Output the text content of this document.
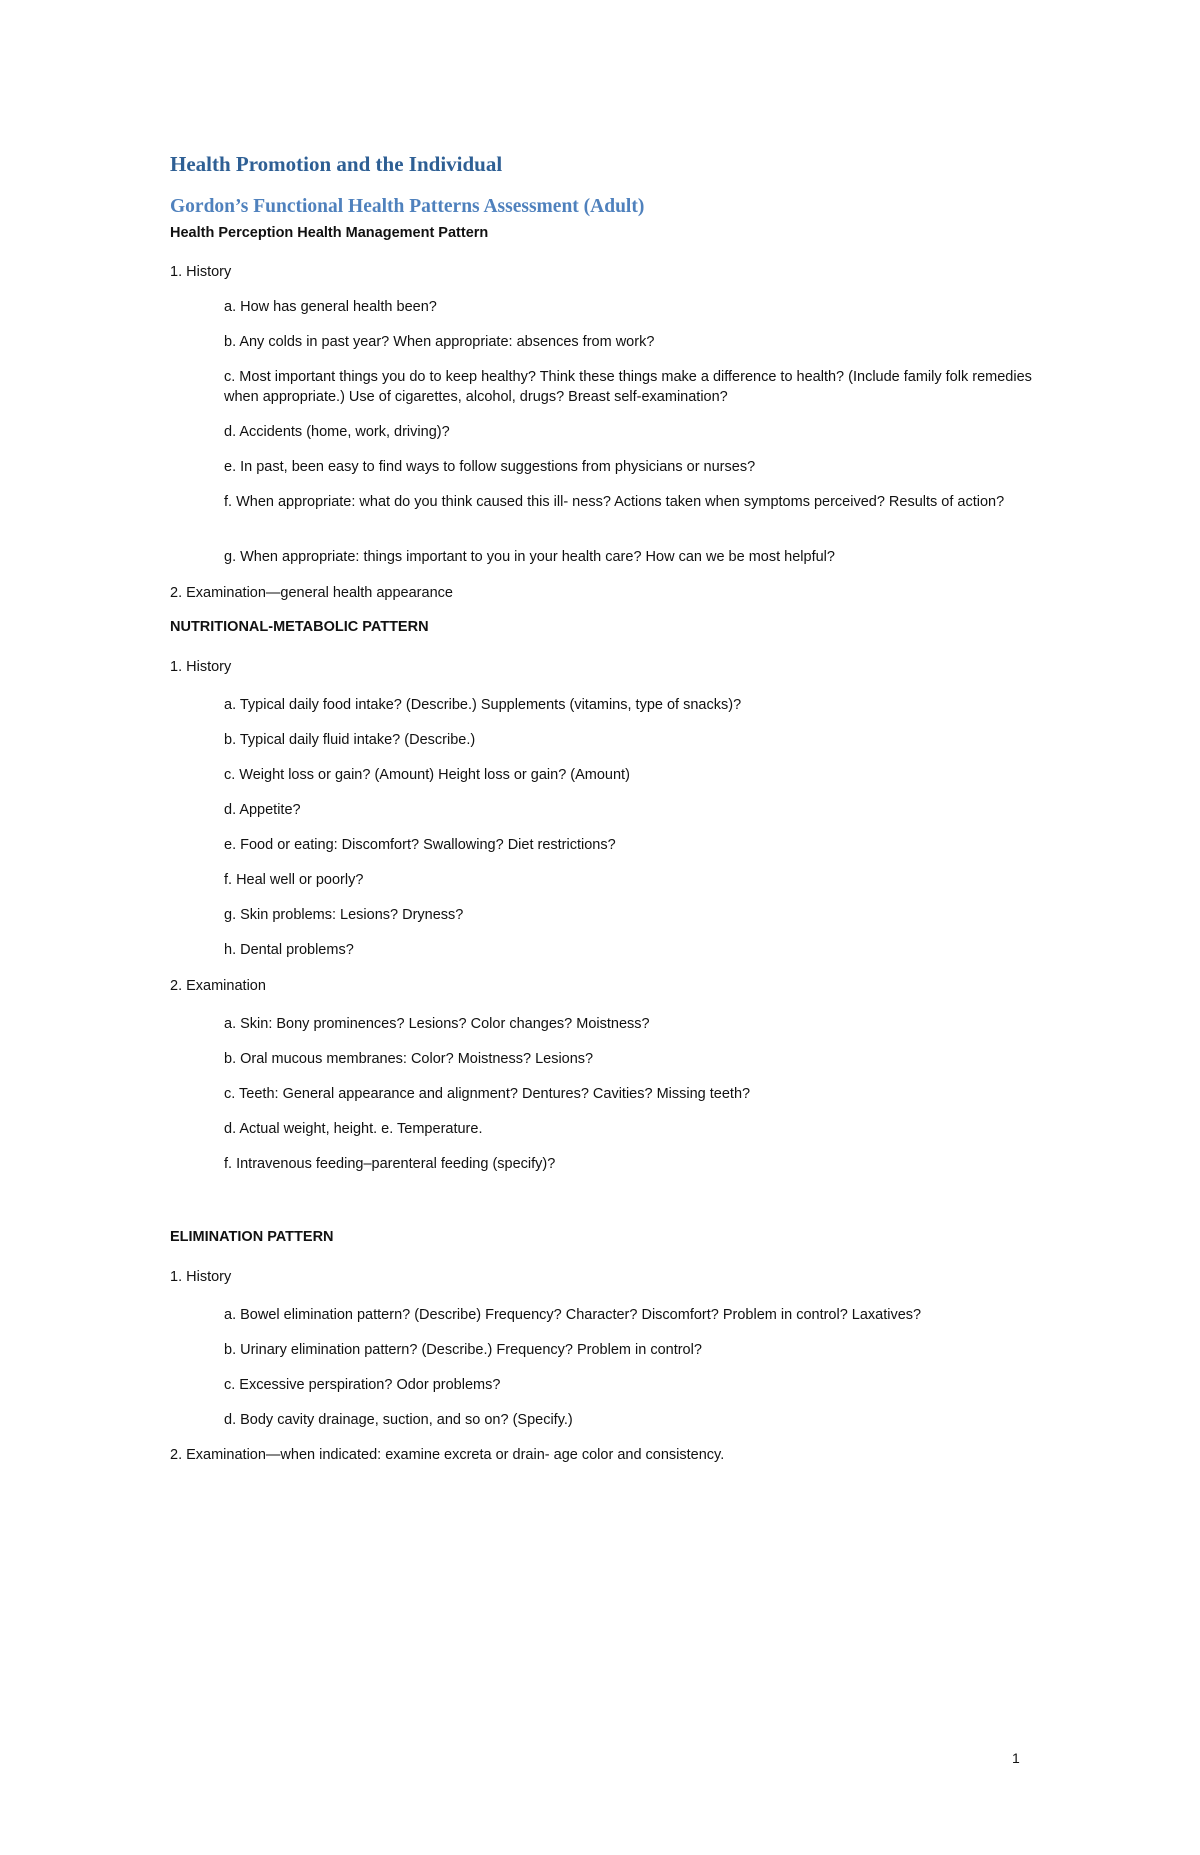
Health Promotion and the Individual
Gordon’s Functional Health Patterns Assessment (Adult)
Health Perception Health Management Pattern
1. History
a. How has general health been?
b. Any colds in past year? When appropriate: absences from work?
c. Most important things you do to keep healthy? Think these things make a difference to health? (Include family folk remedies when appropriate.) Use of cigarettes, alcohol, drugs? Breast self-examination?
d. Accidents (home, work, driving)?
e. In past, been easy to find ways to follow suggestions from physicians or nurses?
f. When appropriate: what do you think caused this ill- ness? Actions taken when symptoms perceived? Results of action?
g. When appropriate: things important to you in your health care? How can we be most helpful?
2. Examination—general health appearance
NUTRITIONAL-METABOLIC PATTERN
1. History
a. Typical daily food intake? (Describe.) Supplements (vitamins, type of snacks)?
b. Typical daily fluid intake? (Describe.)
c. Weight loss or gain? (Amount) Height loss or gain? (Amount)
d. Appetite?
e. Food or eating: Discomfort? Swallowing? Diet restrictions?
f. Heal well or poorly?
g. Skin problems: Lesions? Dryness?
h. Dental problems?
2. Examination
a. Skin: Bony prominences? Lesions? Color changes? Moistness?
b. Oral mucous membranes: Color? Moistness? Lesions?
c. Teeth: General appearance and alignment? Dentures? Cavities? Missing teeth?
d. Actual weight, height. e. Temperature.
f. Intravenous feeding–parenteral feeding (specify)?
ELIMINATION PATTERN
1. History
a. Bowel elimination pattern? (Describe) Frequency? Character? Discomfort? Problem in control? Laxatives?
b. Urinary elimination pattern? (Describe.) Frequency? Problem in control?
c. Excessive perspiration? Odor problems?
d. Body cavity drainage, suction, and so on? (Specify.)
2. Examination—when indicated: examine excreta or drain- age color and consistency.
1
